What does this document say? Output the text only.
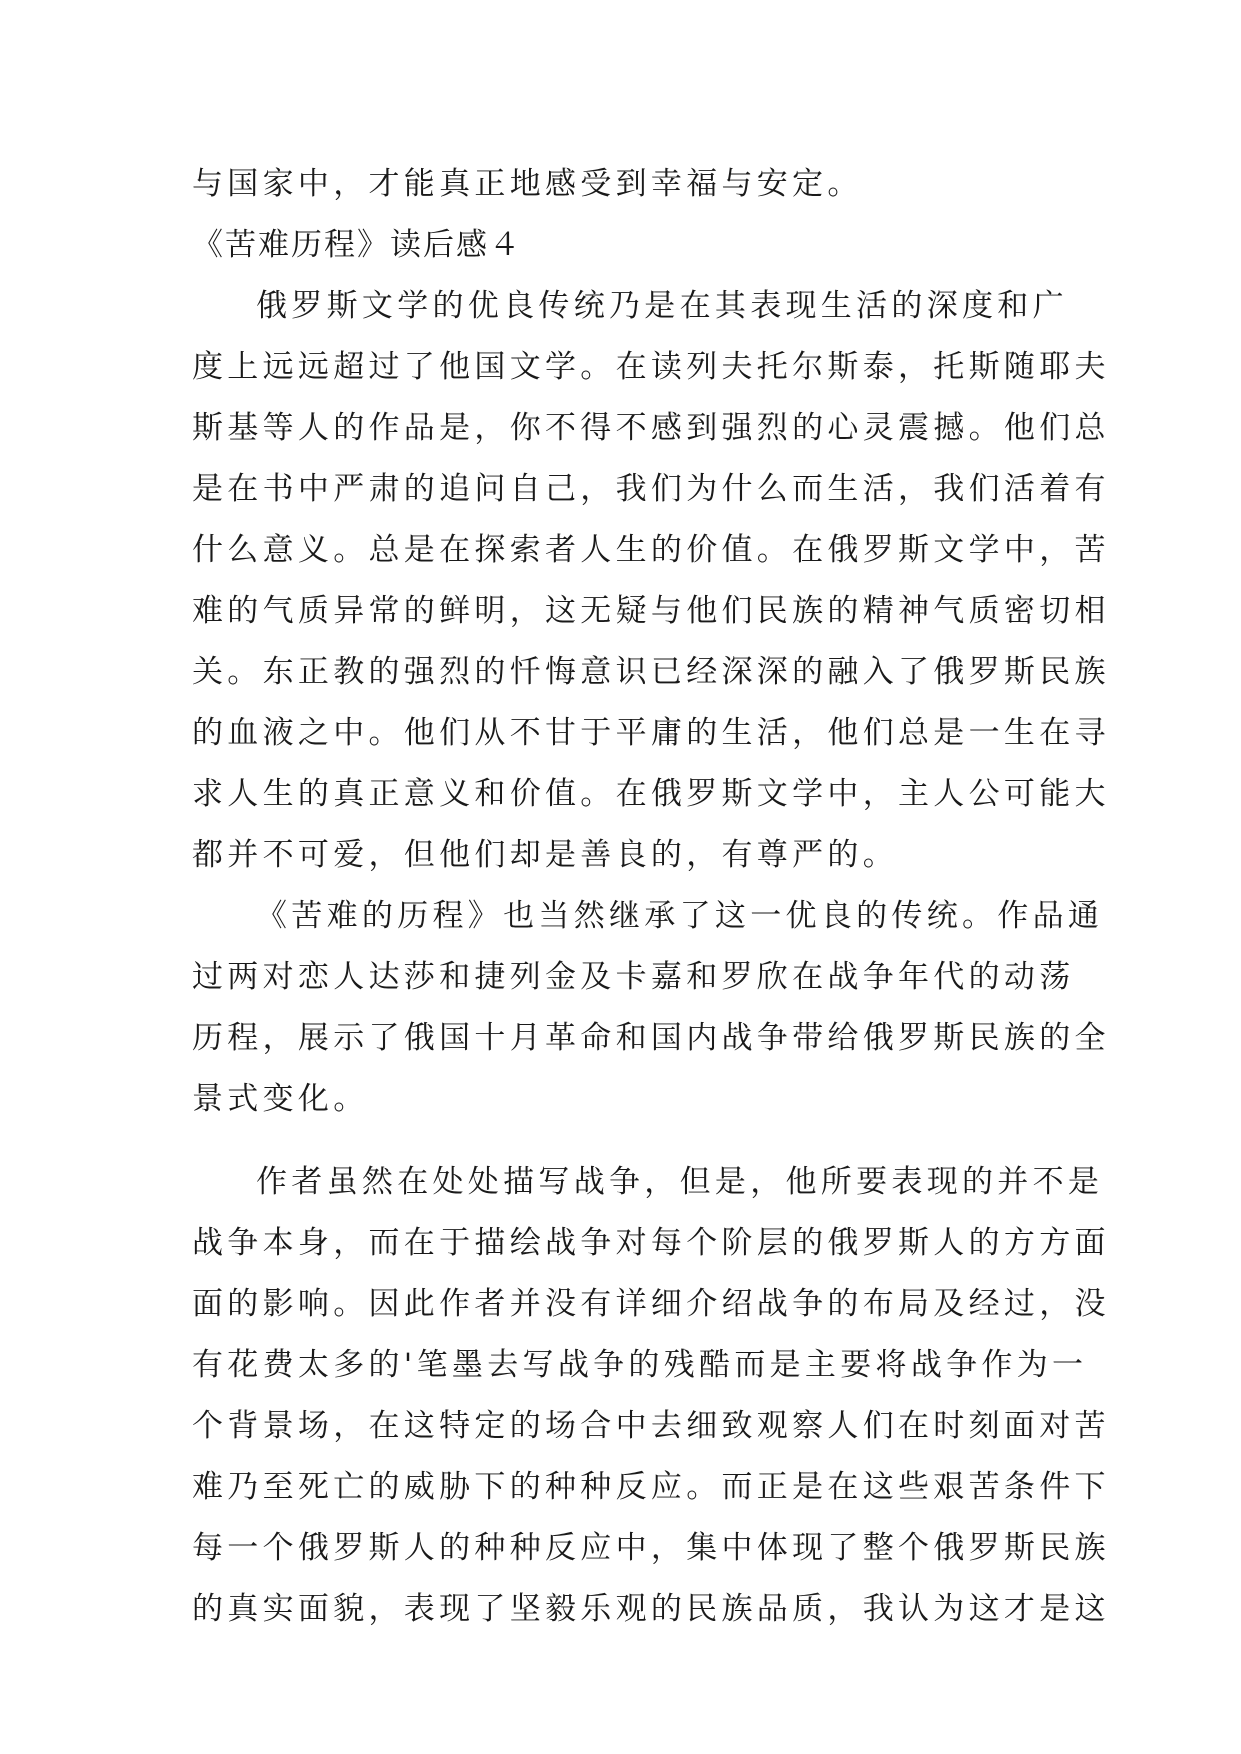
与国家中，才能真正地感受到幸福与安定。
《苦难历程》读后感４
俄罗斯文学的优良传统乃是在其表现生活的深度和广
度上远远超过了他国文学。在读列夫托尔斯泰，托斯随耶夫
斯基等人的作品是，你不得不感到强烈的心灵震撼。他们总
是在书中严肃的追问自己，我们为什么而生活，我们活着有
什么意义。总是在探索者人生的价值。在俄罗斯文学中，苦
难的气质异常的鲜明，这无疑与他们民族的精神气质密切相
关。东正教的强烈的忏悔意识已经深深的融入了俄罗斯民族
的血液之中。他们从不甘于平庸的生活，他们总是一生在寻
求人生的真正意义和价值。在俄罗斯文学中，主人公可能大
都并不可爱，但他们却是善良的，有尊严的。
《苦难的历程》也当然继承了这一优良的传统。作品通
过两对恋人达莎和捷列金及卡嘉和罗欣在战争年代的动荡
历程，展示了俄国十月革命和国内战争带给俄罗斯民族的全
景式变化。
作者虽然在处处描写战争，但是，他所要表现的并不是
战争本身，而在于描绘战争对每个阶层的俄罗斯人的方方面
面的影响。因此作者并没有详细介绍战争的布局及经过，没
有花费太多的'笔墨去写战争的残酷而是主要将战争作为一
个背景场，在这特定的场合中去细致观察人们在时刻面对苦
难乃至死亡的威胁下的种种反应。而正是在这些艰苦条件下
每一个俄罗斯人的种种反应中，集中体现了整个俄罗斯民族
的真实面貌，表现了坚毅乐观的民族品质，我认为这才是这
